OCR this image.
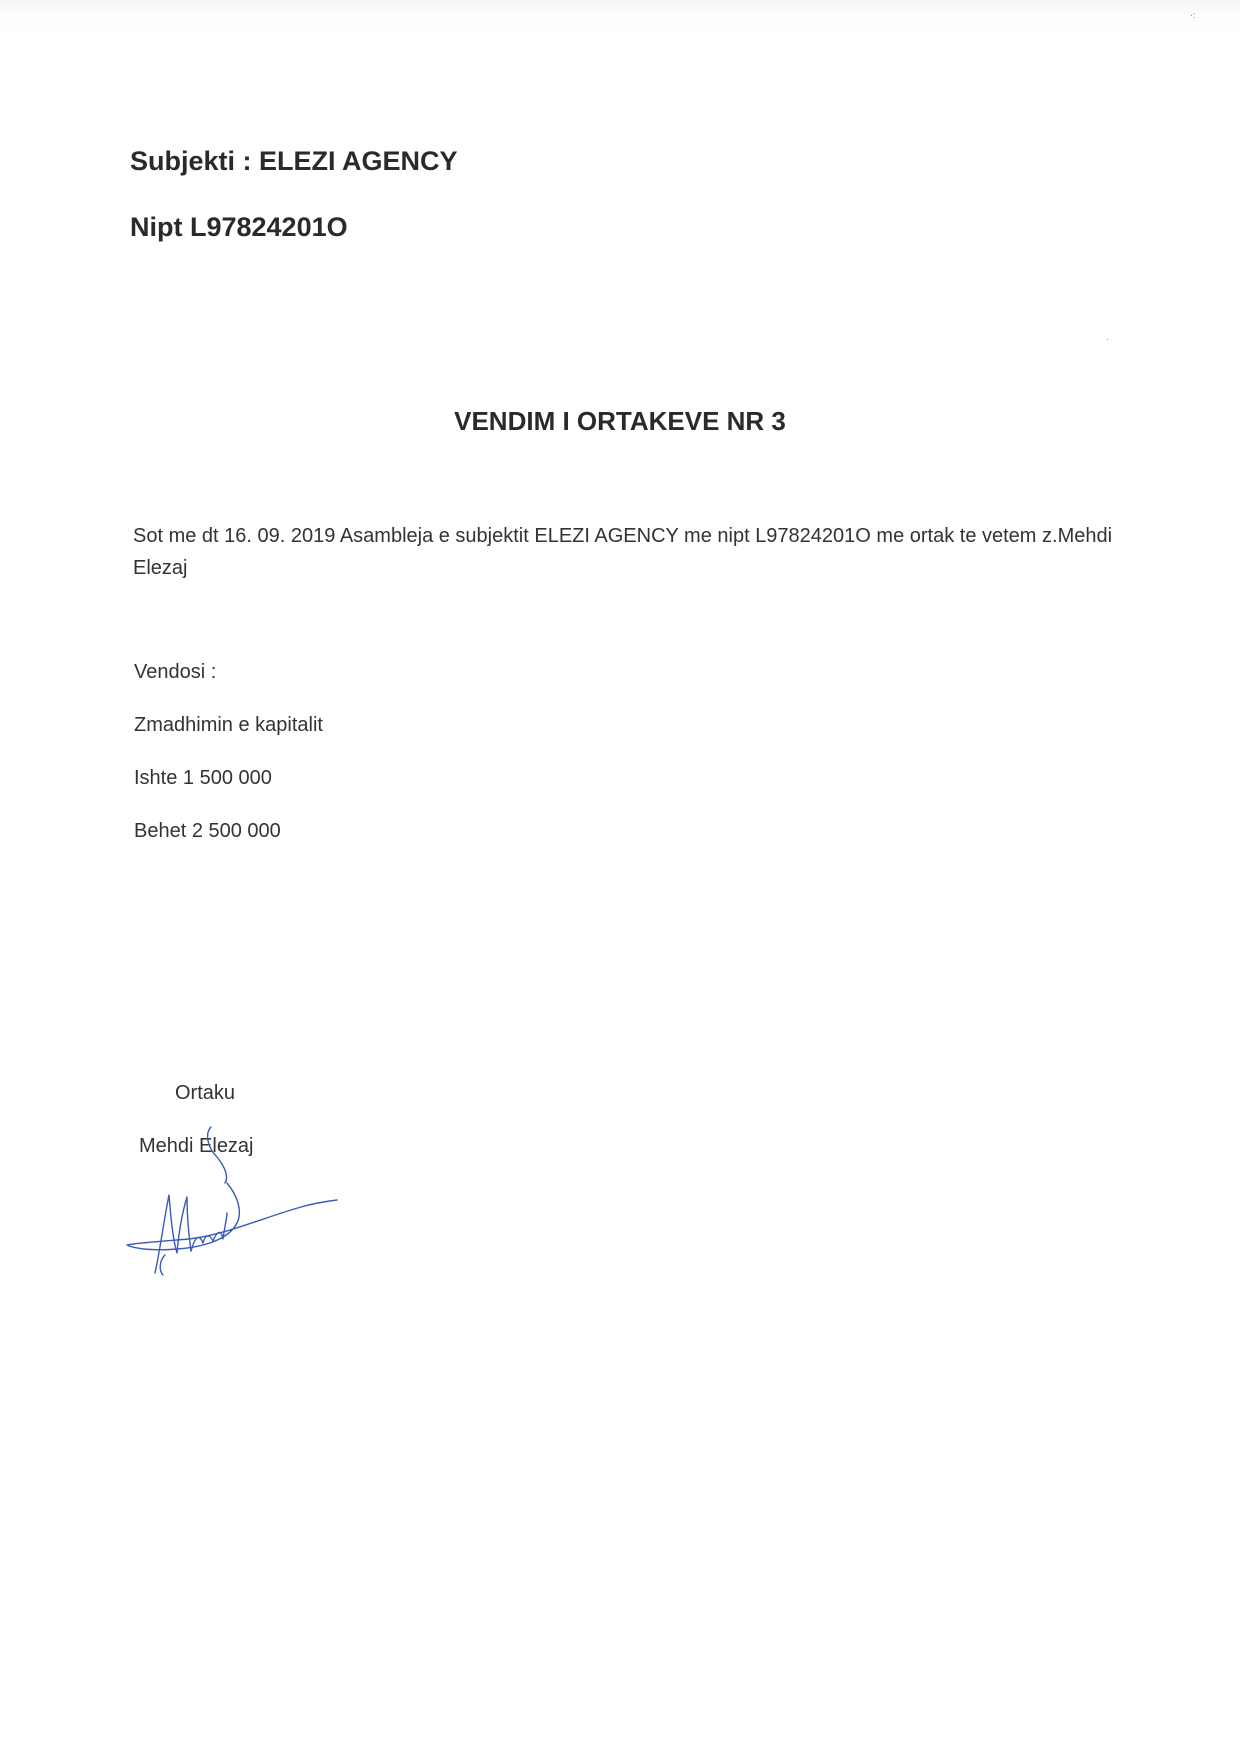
·:
·

Subjekti : ELEZI AGENCY

Nipt L97824201O

VENDIM I ORTAKEVE NR 3

Sot me dt 16. 09. 2019 Asambleja e subjektit ELEZI AGENCY me nipt L97824201O me ortak te vetem z.Mehdi Elezaj

Vendosi :

Zmadhimin e kapitalit

Ishte 1 500 000

Behet 2 500 000

Ortaku

Mehdi Elezaj
